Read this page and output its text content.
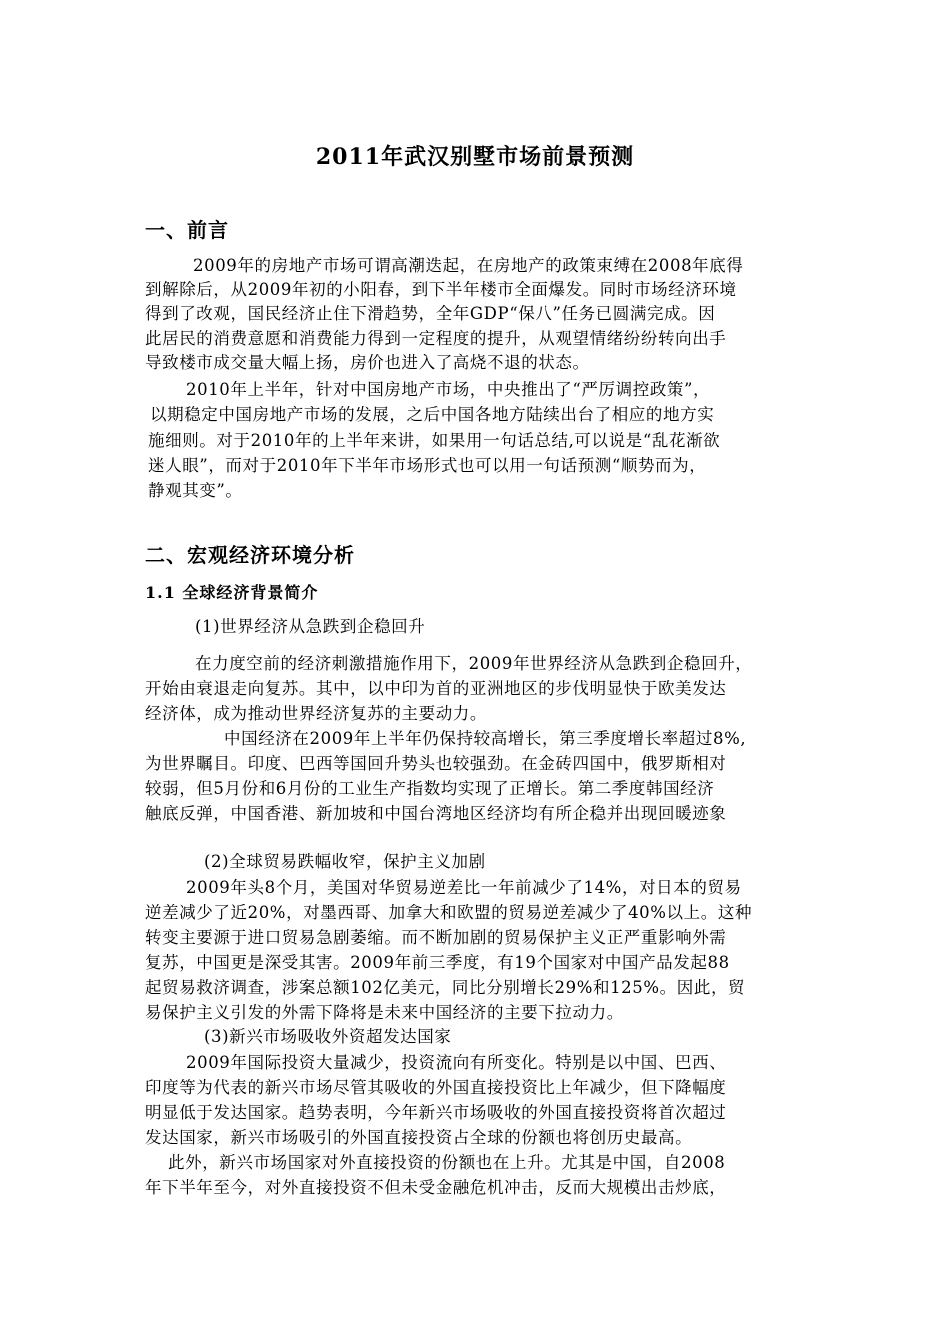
2011年武汉别墅市场前景预测
一、前言
2009年的房地产市场可谓高潮迭起，在房地产的政策束缚在2008年底得
到解除后，从2009年初的小阳春，到下半年楼市全面爆发。同时市场经济环境
得到了改观，国民经济止住下滑趋势，全年GDP“保八”任务已圆满完成。因
此居民的消费意愿和消费能力得到一定程度的提升，从观望情绪纷纷转向出手
导致楼市成交量大幅上扬，房价也进入了高烧不退的状态。
2010年上半年，针对中国房地产市场，中央推出了“严厉调控政策”，
以期稳定中国房地产市场的发展，之后中国各地方陆续出台了相应的地方实
施细则。对于2010年的上半年来讲，如果用一句话总结,可以说是“乱花渐欲
迷人眼”，而对于2010年下半年市场形式也可以用一句话预测“顺势而为，
静观其变”。
二、宏观经济环境分析
1.1 全球经济背景简介
(1)世界经济从急跌到企稳回升
在力度空前的经济刺激措施作用下，2009年世界经济从急跌到企稳回升，
开始由衰退走向复苏。其中，以中印为首的亚洲地区的步伐明显快于欧美发达
经济体，成为推动世界经济复苏的主要动力。
中国经济在2009年上半年仍保持较高增长，第三季度增长率超过8%,
为世界瞩目。印度、巴西等国回升势头也较强劲。在金砖四国中，俄罗斯相对
较弱，但5月份和6月份的工业生产指数均实现了正增长。第二季度韩国经济
触底反弹，中国香港、新加坡和中国台湾地区经济均有所企稳并出现回暖迹象
(2)全球贸易跌幅收窄，保护主义加剧
2009年头8个月，美国对华贸易逆差比一年前减少了14%，对日本的贸易
逆差减少了近20%，对墨西哥、加拿大和欧盟的贸易逆差减少了40%以上。这种
转变主要源于进口贸易急剧萎缩。而不断加剧的贸易保护主义正严重影响外需
复苏，中国更是深受其害。2009年前三季度，有19个国家对中国产品发起88
起贸易救济调查，涉案总额102亿美元，同比分别增长29%和125%。因此，贸
易保护主义引发的外需下降将是未来中国经济的主要下拉动力。
(3)新兴市场吸收外资超发达国家
2009年国际投资大量减少，投资流向有所变化。特别是以中国、巴西、
印度等为代表的新兴市场尽管其吸收的外国直接投资比上年减少，但下降幅度
明显低于发达国家。趋势表明，今年新兴市场吸收的外国直接投资将首次超过
发达国家，新兴市场吸引的外国直接投资占全球的份额也将创历史最高。
此外，新兴市场国家对外直接投资的份额也在上升。尤其是中国，自2008
年下半年至今，对外直接投资不但未受金融危机冲击，反而大规模出击炒底，
